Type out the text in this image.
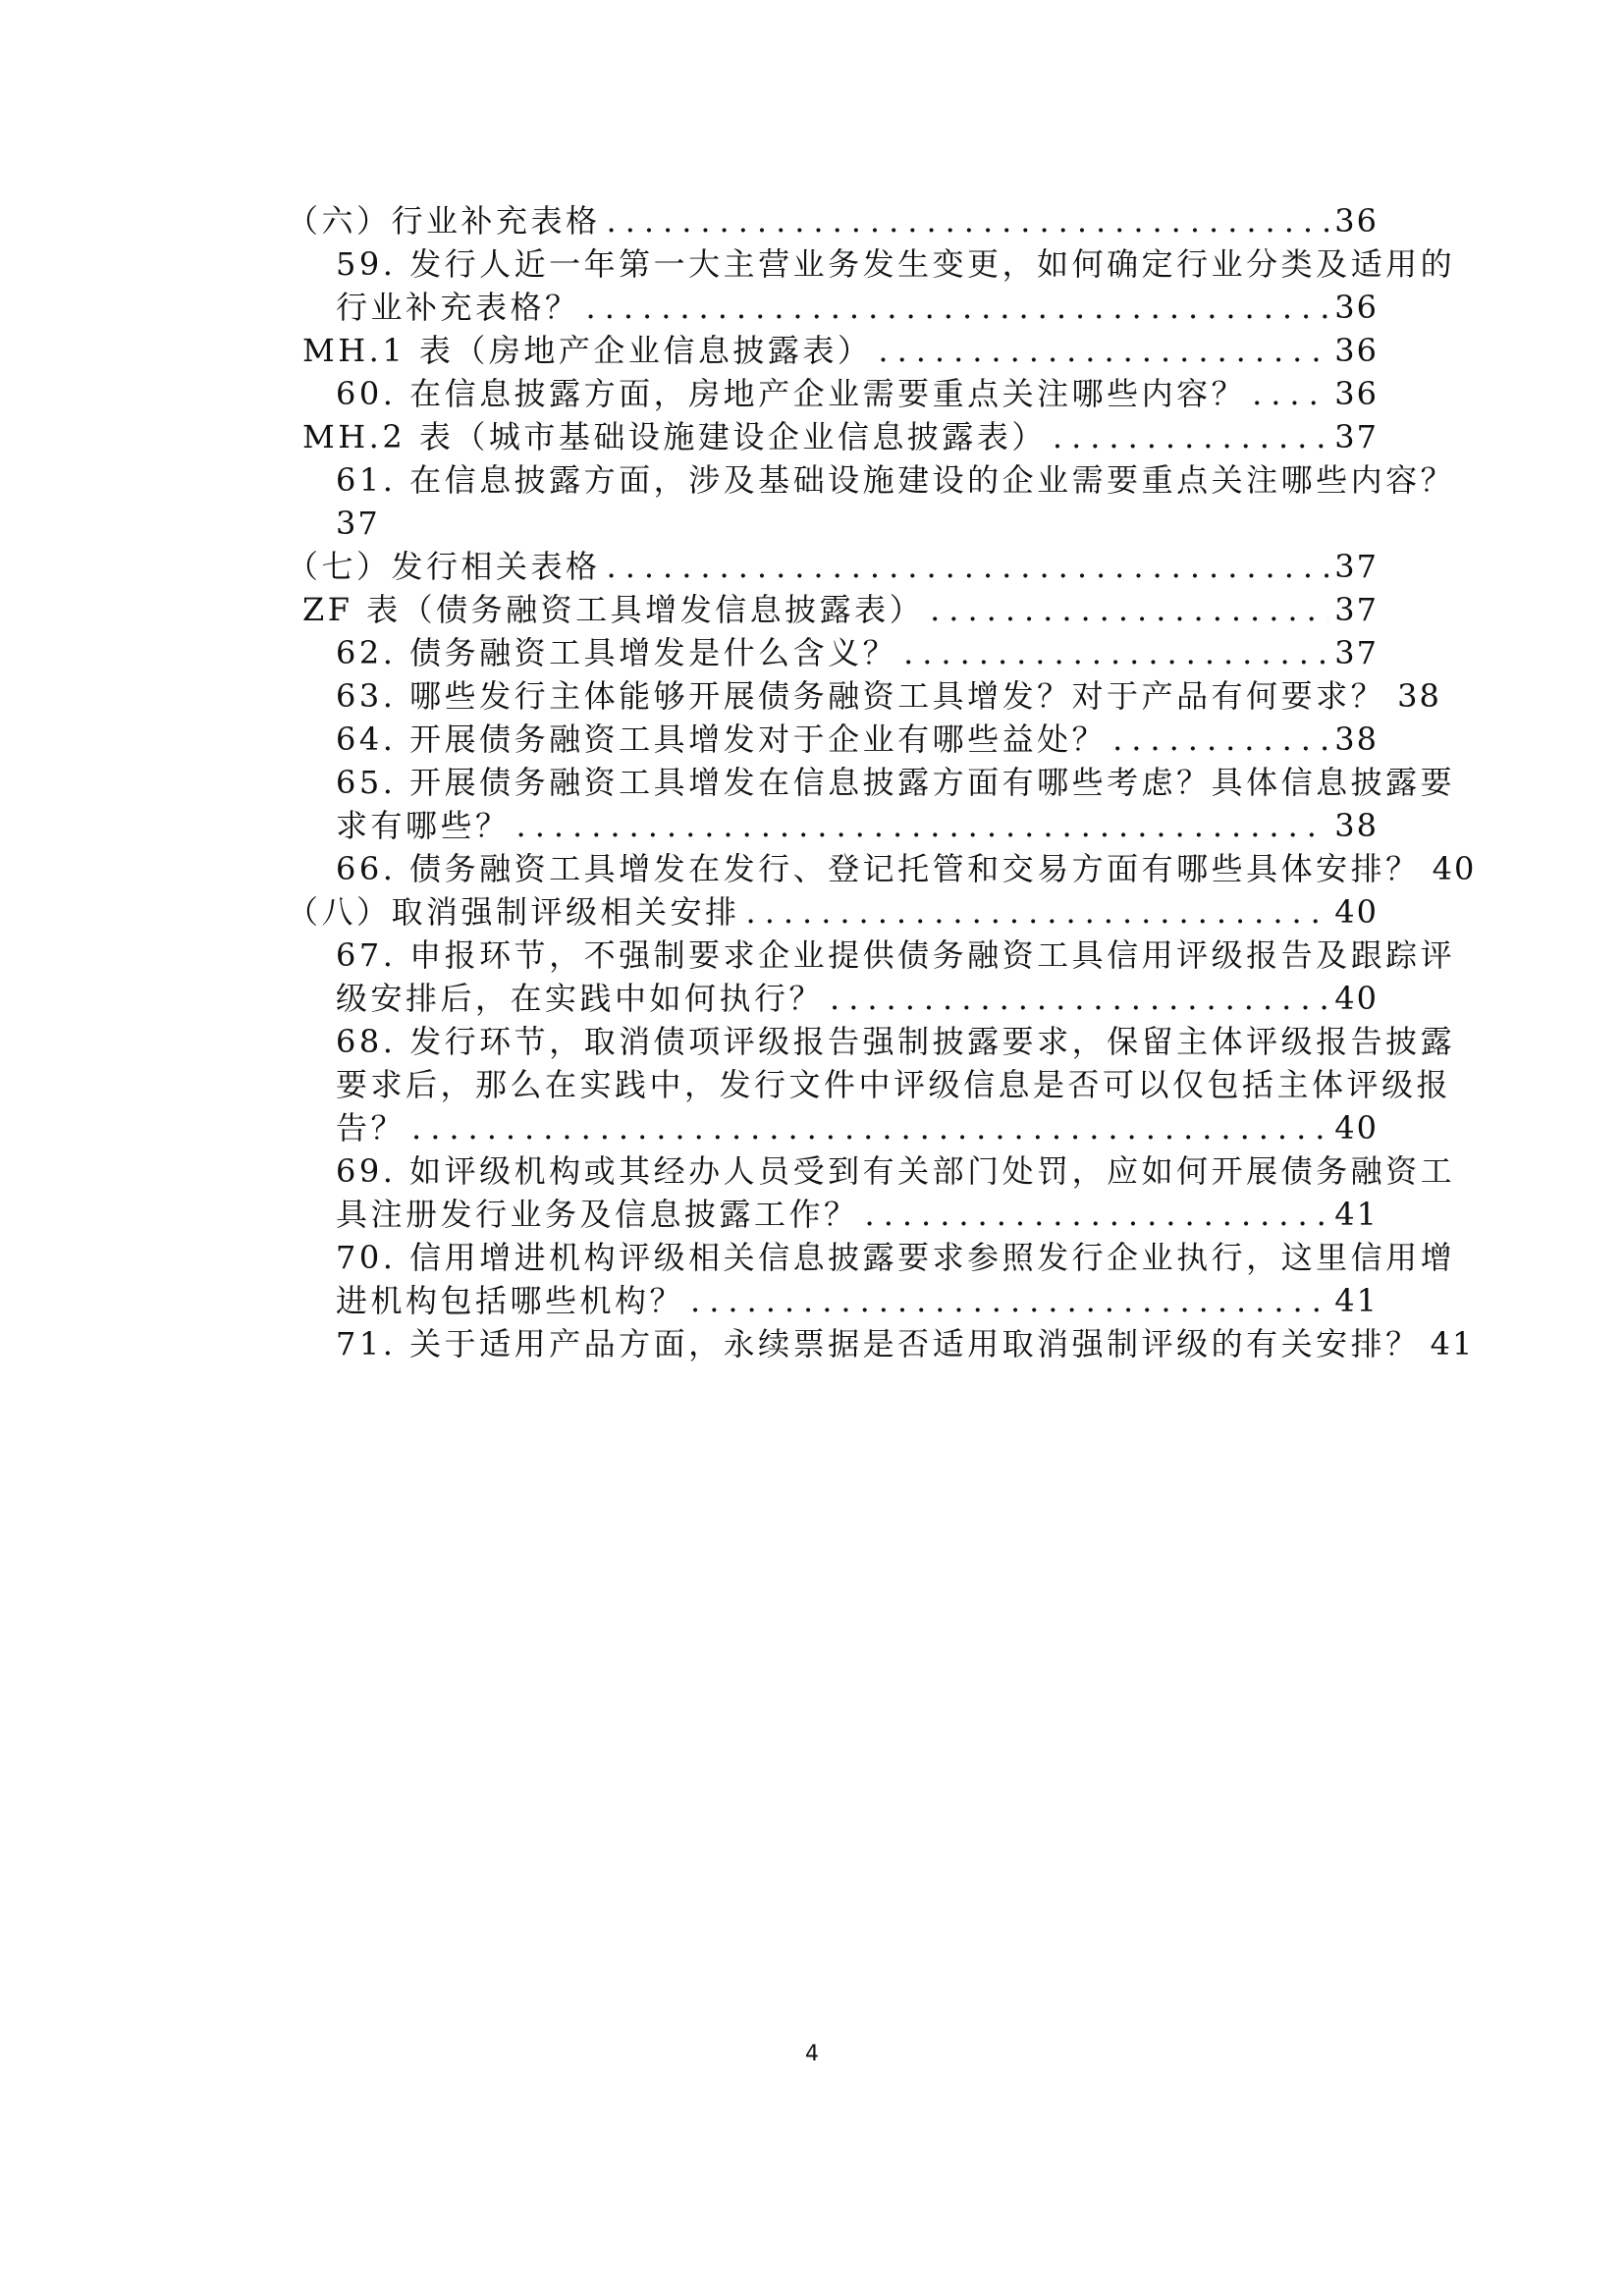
（六）行业补充表格 .....	36
59. 发行人近一年第一大主营业务发生变更，如何确定行业分类及适用的
行业补充表格？ .....	36
MH.1 表（房地产企业信息披露表） .....	36
60. 在信息披露方面，房地产企业需要重点关注哪些内容？ .....	36
MH.2 表（城市基础设施建设企业信息披露表） .....	37
61. 在信息披露方面，涉及基础设施建设的企业需要重点关注哪些内容？
37
（七）发行相关表格 .....	37
ZF 表（债务融资工具增发信息披露表） .....	37
62. 债务融资工具增发是什么含义？ .....	37
63. 哪些发行主体能够开展债务融资工具增发？对于产品有何要求？ 38
64. 开展债务融资工具增发对于企业有哪些益处？ .....	38
65. 开展债务融资工具增发在信息披露方面有哪些考虑？具体信息披露要
求有哪些？ .....	38
66. 债务融资工具增发在发行、登记托管和交易方面有哪些具体安排？ 40
（八）取消强制评级相关安排 .....	40
67. 申报环节，不强制要求企业提供债务融资工具信用评级报告及跟踪评
级安排后，在实践中如何执行？ .....	40
68. 发行环节，取消债项评级报告强制披露要求，保留主体评级报告披露
要求后，那么在实践中，发行文件中评级信息是否可以仅包括主体评级报
告？ .....	40
69. 如评级机构或其经办人员受到有关部门处罚，应如何开展债务融资工
具注册发行业务及信息披露工作？ .....	41
70. 信用增进机构评级相关信息披露要求参照发行企业执行，这里信用增
进机构包括哪些机构？ .....	41
71. 关于适用产品方面，永续票据是否适用取消强制评级的有关安排？ 41
4
